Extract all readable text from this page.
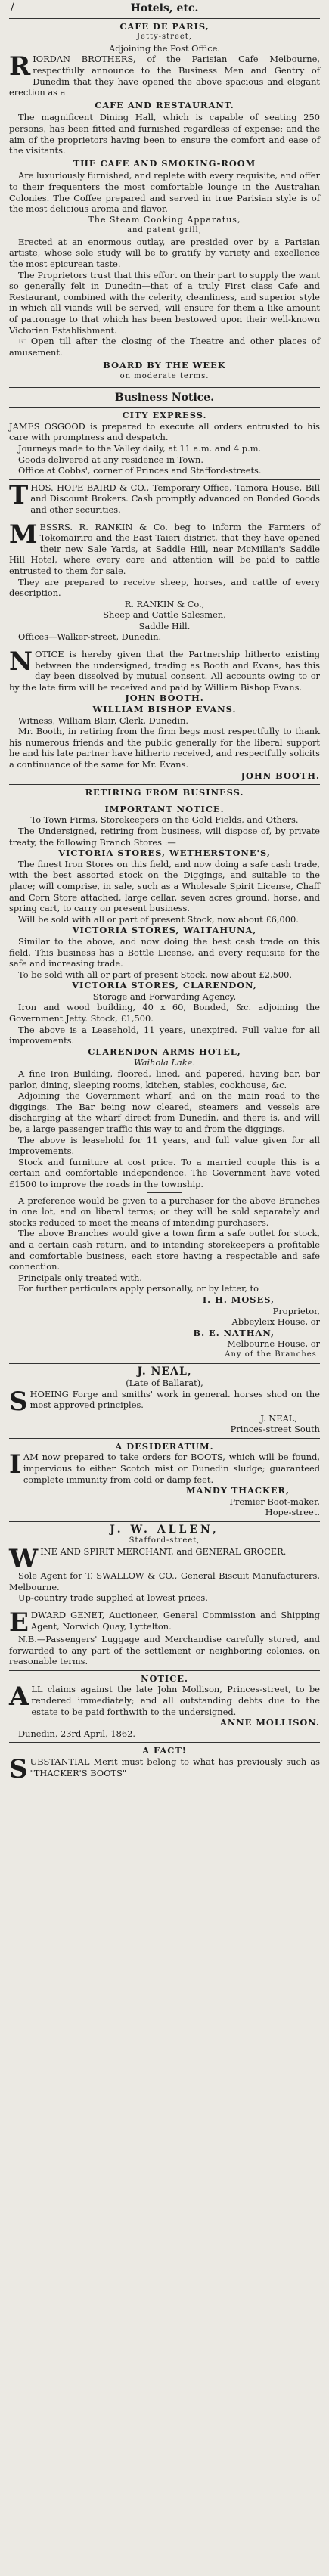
/	Hotels, etc.
CAFE DE PARIS,
Jetty-street,
Adjoining the Post Office.

RIORDAN BROTHERS, of the Parisian Cafe Melbourne, respectfully announce to the Business Men and Gentry of Dunedin that they have opened the above spacious and elegant erection as a

CAFE AND RESTAURANT.

The magnificent Dining Hall, which is capable of seating 250 persons, has been fitted and furnished regardless of expense; and the aim of the proprietors having been to ensure the comfort and ease of the visitants.

THE CAFE AND SMOKING-ROOM

Are luxuriously furnished, and replete with every requisite, and offer to their frequenters the most comfortable lounge in the Australian Colonies. The Coffee prepared and served in true Parisian style is of the most delicious aroma and flavor.

The Steam Cooking Apparatus,
and patent grill,

Erected at an enormous outlay, are presided over by a Parisian artiste, whose sole study will be to gratify by variety and excellence the most epicurean taste.

The Proprietors trust that this effort on their part to supply the want so generally felt in Dunedin—that of a truly First class Cafe and Restaurant, combined with the celerity, cleanliness, and superior style in which all viands will be served, will ensure for them a like amount of patronage to that which has been bestowed upon their well-known Victorian Establishment.

☞ Open till after the closing of the Theatre and other places of amusement.

BOARD BY THE WEEK
on moderate terms.
Business Notice.
CITY EXPRESS.

JAMES OSGOOD is prepared to execute all orders entrusted to his care with promptness and despatch.

Journeys made to the Valley daily, at 11 a.m. and 4 p.m.

Goods delivered at any residence in Town.

Office at Cobbs', corner of Princes and Stafford-streets.

THOS. HOPE BAIRD & CO., Temporary Office, Tamora House, Bill and Discount Brokers. Cash promptly advanced on Bonded Goods and other securities.

MESSRS. R. RANKIN & Co. beg to inform the Farmers of Tokomairiro and the East Taieri district, that they have opened their new Sale Yards, at Saddle Hill, near McMillan's Saddle Hill Hotel, where every care and attention will be paid to cattle entrusted to them for sale.

They are prepared to receive sheep, horses, and cattle of every description.

R. RANKIN & Co.,
Sheep and Cattle Salesmen,
Saddle Hill.

Offices—Walker-street, Dunedin.

NOTICE is hereby given that the Partnership hitherto existing between the undersigned, trading as Booth and Evans, has this day been dissolved by mutual consent. All accounts owing to or by the late firm will be received and paid by William Bishop Evans.

JOHN BOOTH.
WILLIAM BISHOP EVANS.

Witness, William Blair, Clerk, Dunedin.

Mr. Booth, in retiring from the firm begs most respectfully to thank his numerous friends and the public generally for the liberal support he and his late partner have hitherto received, and respectfully solicits a continuance of the same for Mr. Evans.

JOHN BOOTH.
RETIRING FROM BUSINESS.
IMPORTANT NOTICE.
To Town Firms, Storekeepers on the Gold Fields, and Others.

The Undersigned, retiring from business, will dispose of, by private treaty, the following Branch Stores :—

VICTORIA STORES, WETHERSTONE'S,

The finest Iron Stores on this field, and now doing a safe cash trade, with the best assorted stock on the Diggings, and suitable to the place; will comprise, in sale, such as a Wholesale Spirit License, Chaff and Corn Store attached, large cellar, seven acres ground, horse, and spring cart, to carry on present business.

Will be sold with all or part of present Stock, now about £6,000.

VICTORIA STORES, WAITAHUNA,

Similar to the above, and now doing the best cash trade on this field. This business has a Bottle License, and every requisite for the safe and increasing trade.

To be sold with all or part of present Stock, now about £2,500.

VICTORIA STORES, CLARENDON,
Storage and Forwarding Agency,

Iron and wood building, 40 x 60, Bonded, &c. adjoining the Government Jetty. Stock, £1,500.

The above is a Leasehold, 11 years, unexpired. Full value for all improvements.

CLARENDON ARMS HOTEL,
Waihola Lake.

A fine Iron Building, floored, lined, and papered, having bar, bar parlor, dining, sleeping rooms, kitchen, stables, cookhouse, &c.

Adjoining the Government wharf, and on the main road to the diggings. The Bar being now cleared, steamers and vessels are discharging at the wharf direct from Dunedin, and there is, and will be, a large passenger traffic this way to and from the diggings.

The above is leasehold for 11 years, and full value given for all improvements.

Stock and furniture at cost price. To a married couple this is a certain and comfortable independence. The Government have voted £1500 to improve the roads in the township.

A preference would be given to a purchaser for the above Branches in one lot, and on liberal terms; or they will be sold separately and stocks reduced to meet the means of intending purchasers.

The above Branches would give a town firm a safe outlet for stock, and a certain cash return, and to intending storekeepers a profitable and comfortable business, each store having a respectable and safe connection.

Principals only treated with.

For further particulars apply personally, or by letter, to

I. H. MOSES,
Proprietor,
Abbeyleix House, or
B. E. NATHAN,
Melbourne House, or
Any of the Branches.
J. NEAL,
(Late of Ballarat),

SHOEING Forge and smiths' work in general. horses shod on the most approved principles.

J. NEAL,
Princes-street South
A DESIDERATUM.

IAM now prepared to take orders for BOOTS, which will be found, impervious to either Scotch mist or Dunedin sludge; guaranteed complete immunity from cold or damp feet.

MANDY THACKER,
Premier Boot-maker,
Hope-street.
J. W. ALLEN,
Stafford-street,

WINE AND SPIRIT MERCHANT, and GENERAL GROCER.

Sole Agent for T. SWALLOW & CO., General Biscuit Manufacturers, Melbourne.

Up-country trade supplied at lowest prices.

EDWARD GENET, Auctioneer, General Commission and Shipping Agent, Norwich Quay, Lyttelton.

N.B.—Passengers' Luggage and Merchandise carefully stored, and forwarded to any part of the settlement or neighboring colonies, on reasonable terms.

NOTICE.

ALL claims against the late John Mollison, Princes-street, to be rendered immediately; and all outstanding debts due to the estate to be paid forthwith to the undersigned.

ANNE MOLLISON.

Dunedin, 23rd April, 1862.

A FACT!

SUBSTANTIAL Merit must belong to what has previously such as "THACKER'S BOOTS"
